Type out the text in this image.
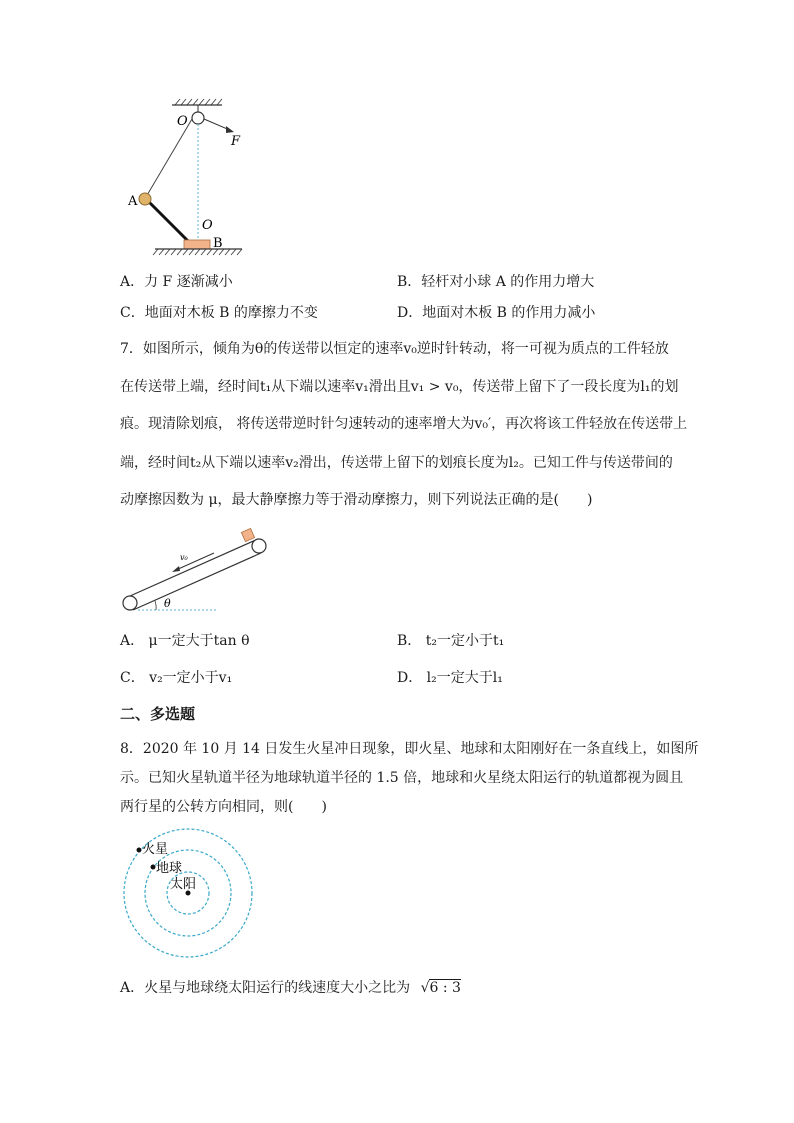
O
F
A
O
B
A．力 F 逐渐减小	B．轻杆对小球 A 的作用力增大
C．地面对木板 B 的摩擦力不变	D．地面对木板 B 的作用力减小
7．如图所示，倾角为θ的传送带以恒定的速率v₀逆时针转动，将一可视为质点的工件轻放
在传送带上端，经时间t₁从下端以速率v₁滑出且v₁ > v₀，传送带上留下了一段长度为l₁的划
痕。现清除划痕， 将传送带逆时针匀速转动的速率增大为v₀′，再次将该工件轻放在传送带上
端，经时间t₂从下端以速率v₂滑出，传送带上留下的划痕长度为l₂。已知工件与传送带间的
动摩擦因数为 μ，最大静摩擦力等于滑动摩擦力，则下列说法正确的是(　　)
v₀
θ
A． μ一定大于tan θ	B． t₂一定小于t₁
C． v₂一定小于v₁	D． l₂一定大于l₁
二、多选题
8．2020 年 10 月 14 日发生火星冲日现象，即火星、地球和太阳刚好在一条直线上，如图所
示。已知火星轨道半径为地球轨道半径的 1.5 倍，地球和火星绕太阳运行的轨道都视为圆且
两行星的公转方向相同，则(　　)
火星
地球
太阳
A．火星与地球绕太阳运行的线速度大小之比为 √6 : 3
